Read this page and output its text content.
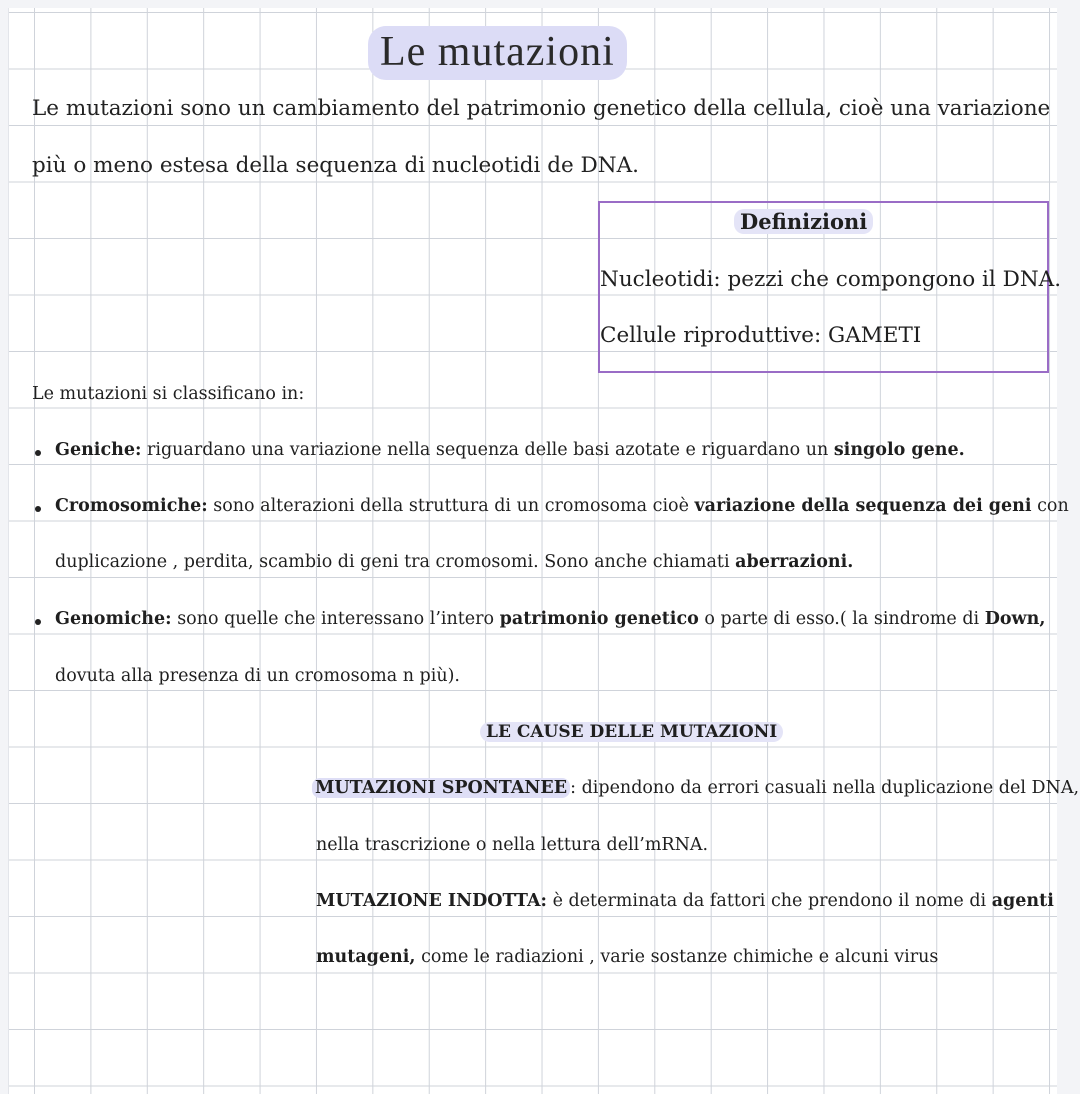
Le mutazioni
Le mutazioni sono un cambiamento del patrimonio genetico della cellula, cioè una variazione
più o meno estesa della sequenza di nucleotidi de DNA.
Definizioni
Nucleotidi: pezzi che compongono il DNA.
Cellule riproduttive: GAMETI
Le mutazioni si classificano in:
Geniche: riguardano una variazione nella sequenza delle basi azotate e riguardano un singolo gene.
Cromosomiche: sono alterazioni della struttura di un cromosoma cioè variazione della sequenza dei geni con
duplicazione , perdita, scambio di geni tra cromosomi. Sono anche chiamati aberrazioni.
Genomiche: sono quelle che interessano l’intero patrimonio genetico o parte di esso.( la sindrome di Down,
dovuta alla presenza di un cromosoma n più).
LE CAUSE DELLE MUTAZIONI
MUTAZIONI SPONTANEE : dipendono da errori casuali nella duplicazione del DNA,
nella trascrizione o nella lettura dell’mRNA.
MUTAZIONE INDOTTA: è determinata da fattori che prendono il nome di agenti
mutageni, come le radiazioni , varie sostanze chimiche e alcuni virus
